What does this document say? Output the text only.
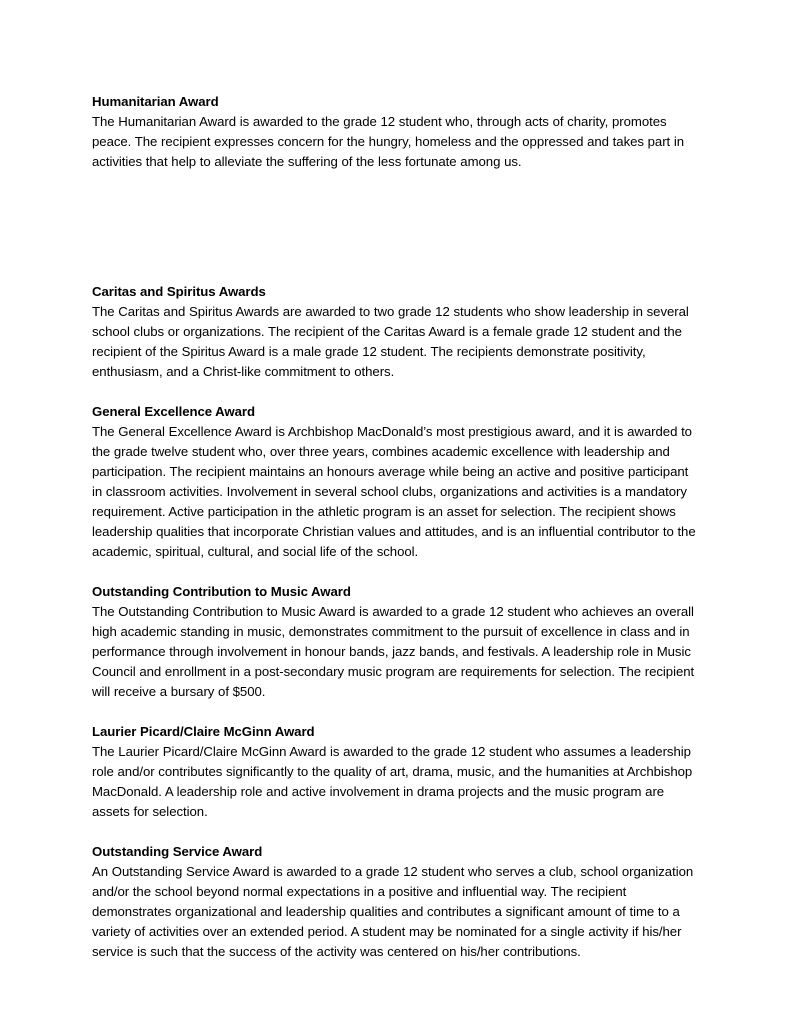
Humanitarian Award

The Humanitarian Award is awarded to the grade 12 student who, through acts of charity, promotes peace. The recipient expresses concern for the hungry, homeless and the oppressed and takes part in activities that help to alleviate the suffering of the less fortunate among us.

Caritas and Spiritus Awards

The Caritas and Spiritus Awards are awarded to two grade 12 students who show leadership in several school clubs or organizations. The recipient of the Caritas Award is a female grade 12 student and the recipient of the Spiritus Award is a male grade 12 student. The recipients demonstrate positivity, enthusiasm, and a Christ-like commitment to others.

General Excellence Award

The General Excellence Award is Archbishop MacDonald’s most prestigious award, and it is awarded to the grade twelve student who, over three years, combines academic excellence with leadership and participation. The recipient maintains an honours average while being an active and positive participant in classroom activities. Involvement in several school clubs, organizations and activities is a mandatory requirement. Active participation in the athletic program is an asset for selection. The recipient shows leadership qualities that incorporate Christian values and attitudes, and is an influential contributor to the academic, spiritual, cultural, and social life of the school.

Outstanding Contribution to Music Award

The Outstanding Contribution to Music Award is awarded to a grade 12 student who achieves an overall high academic standing in music, demonstrates commitment to the pursuit of excellence in class and in performance through involvement in honour bands, jazz bands, and festivals. A leadership role in Music Council and enrollment in a post-secondary music program are requirements for selection. The recipient will receive a bursary of $500.

Laurier Picard/Claire McGinn Award

The Laurier Picard/Claire McGinn Award is awarded to the grade 12 student who assumes a leadership role and/or contributes significantly to the quality of art, drama, music, and the humanities at Archbishop MacDonald. A leadership role and active involvement in drama projects and the music program are assets for selection.

Outstanding Service Award

An Outstanding Service Award is awarded to a grade 12 student who serves a club, school organization and/or the school beyond normal expectations in a positive and influential way. The recipient demonstrates organizational and leadership qualities and contributes a significant amount of time to a variety of activities over an extended period. A student may be nominated for a single activity if his/her service is such that the success of the activity was centered on his/her contributions.
